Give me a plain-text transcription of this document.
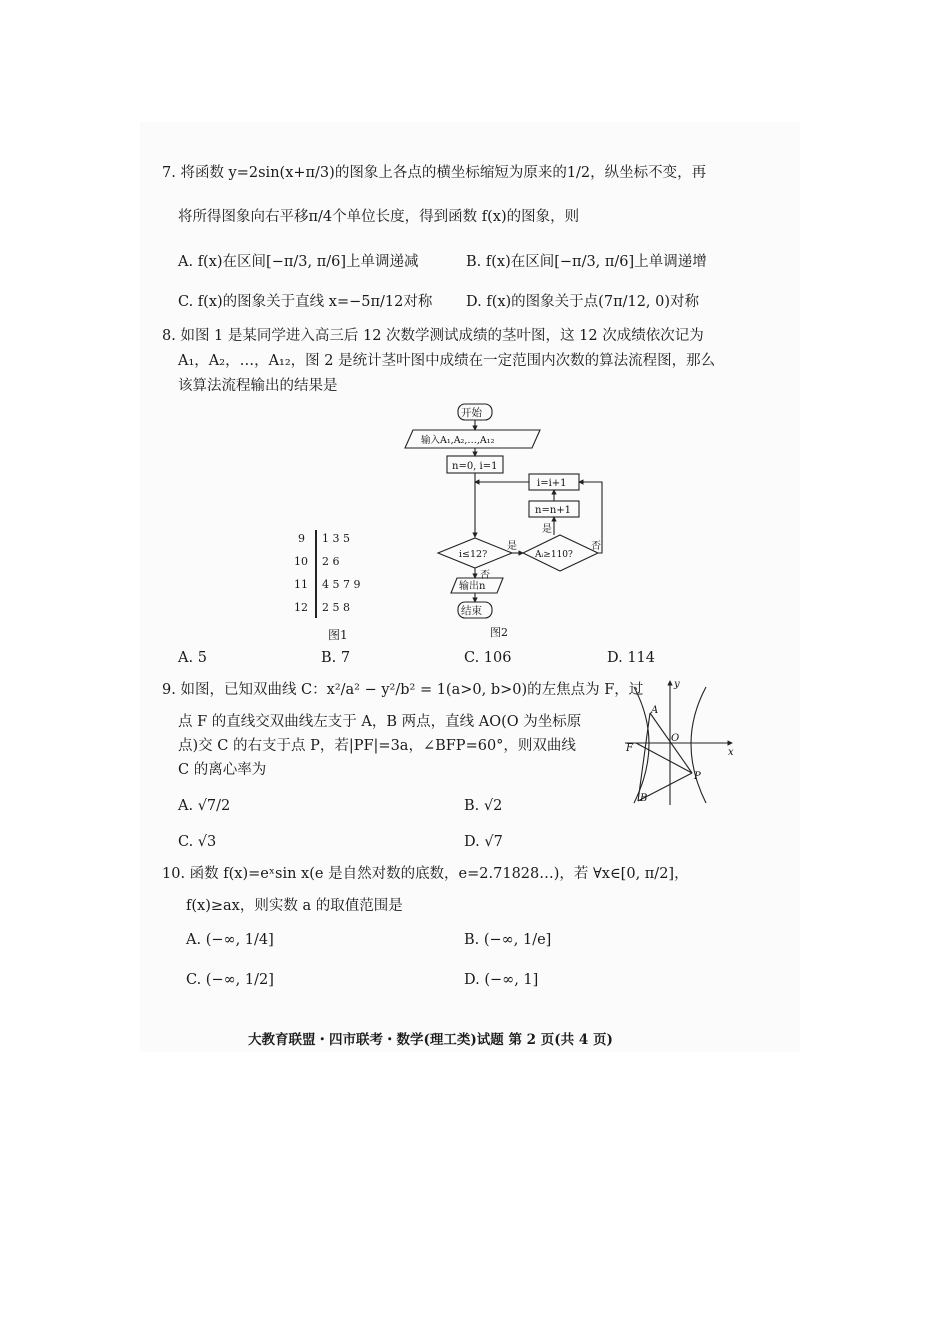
7. 将函数 y=2sin(x+π/3)的图象上各点的横坐标缩短为原来的1/2，纵坐标不变，再
将所得图象向右平移π/4个单位长度，得到函数 f(x)的图象，则
A. f(x)在区间[−π/3, π/6]上单调递减	B. f(x)在区间[−π/3, π/6]上单调递增
C. f(x)的图象关于直线 x=−5π/12对称 D. f(x)的图象关于点(7π/12, 0)对称
8. 如图 1 是某同学进入高三后 12 次数学测试成绩的茎叶图，这 12 次成绩依次记为
A₁，A₂，…，A₁₂，图 2 是统计茎叶图中成绩在一定范围内次数的算法流程图，那么
该算法流程输出的结果是
9 1 3 5
10 2 6
11 4 5 7 9
12 2 5 8
图1
开始
输入A₁,A₂,…,A₁₂
n=0, i=1
i=i+1
n=n+1
i≤12?	Aᵢ≥110?
是
是
否
否
输出n
结束
图2
A. 5	B. 7	C. 106	D. 114
9. 如图，已知双曲线 C：x²/a² − y²/b² = 1(a>0, b>0)的左焦点为 F，过
点 F 的直线交双曲线左支于 A，B 两点，直线 AO(O 为坐标原
点)交 C 的右支于点 P，若|PF|=3a，∠BFP=60°，则双曲线
C 的离心率为
A. √7/2	B. √2
C. √3	D. √7
y
x
A
O
F
P
B
10. 函数 f(x)=eˣsin x(e 是自然对数的底数，e=2.71828…)，若 ∀x∈[0, π/2]，
f(x)≥ax，则实数 a 的取值范围是
A. (−∞, 1/4]	B. (−∞, 1/e]
C. (−∞, 1/2]	D. (−∞, 1]
大教育联盟・四市联考・数学(理工类)试题 第 2 页(共 4 页)
